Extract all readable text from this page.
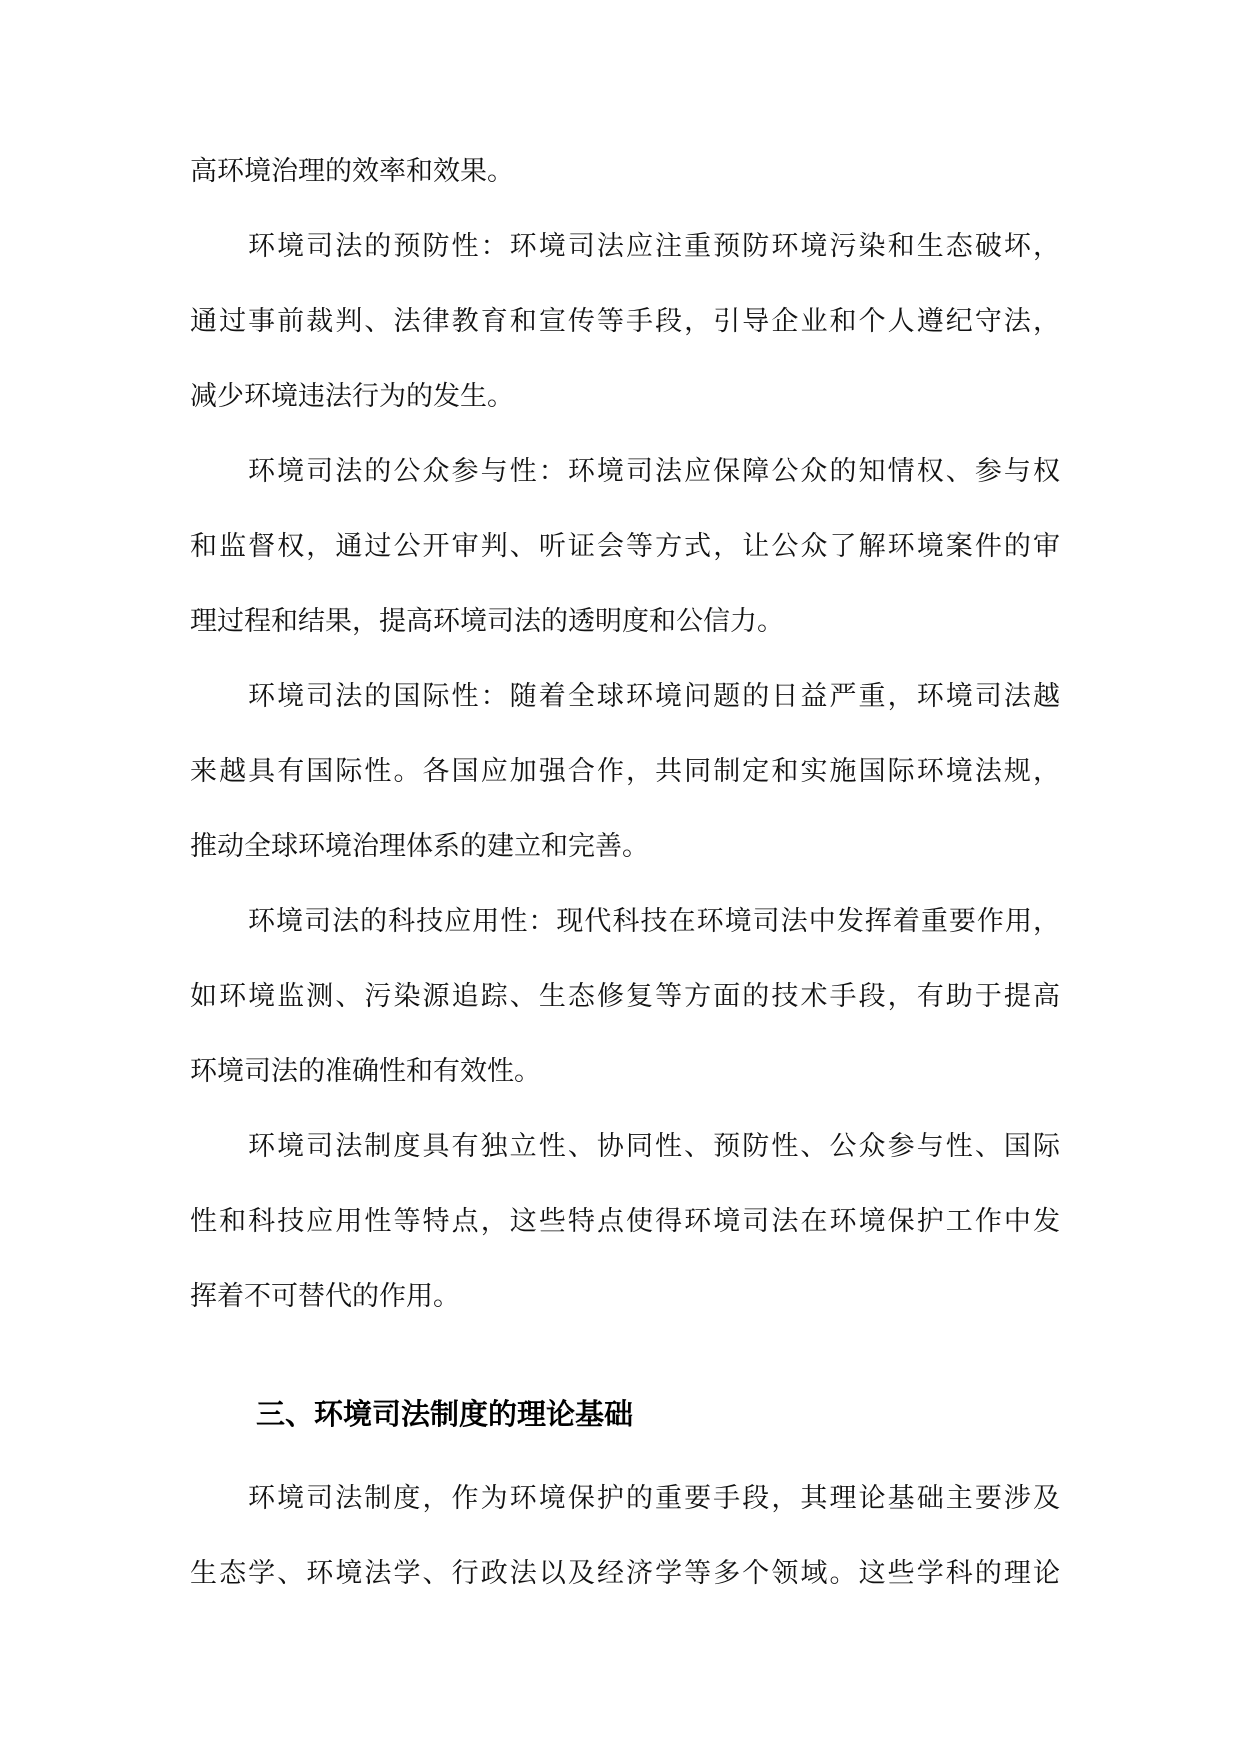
高环境治理的效率和效果。
环境司法的预防性：环境司法应注重预防环境污染和生态破坏，
通过事前裁判、法律教育和宣传等手段，引导企业和个人遵纪守法，
减少环境违法行为的发生。
环境司法的公众参与性：环境司法应保障公众的知情权、参与权
和监督权，通过公开审判、听证会等方式，让公众了解环境案件的审
理过程和结果，提高环境司法的透明度和公信力。
环境司法的国际性：随着全球环境问题的日益严重，环境司法越
来越具有国际性。各国应加强合作，共同制定和实施国际环境法规，
推动全球环境治理体系的建立和完善。
环境司法的科技应用性：现代科技在环境司法中发挥着重要作用，
如环境监测、污染源追踪、生态修复等方面的技术手段，有助于提高
环境司法的准确性和有效性。
环境司法制度具有独立性、协同性、预防性、公众参与性、国际
性和科技应用性等特点，这些特点使得环境司法在环境保护工作中发
挥着不可替代的作用。
三、环境司法制度的理论基础
环境司法制度，作为环境保护的重要手段，其理论基础主要涉及
生态学、环境法学、行政法以及经济学等多个领域。这些学科的理论
